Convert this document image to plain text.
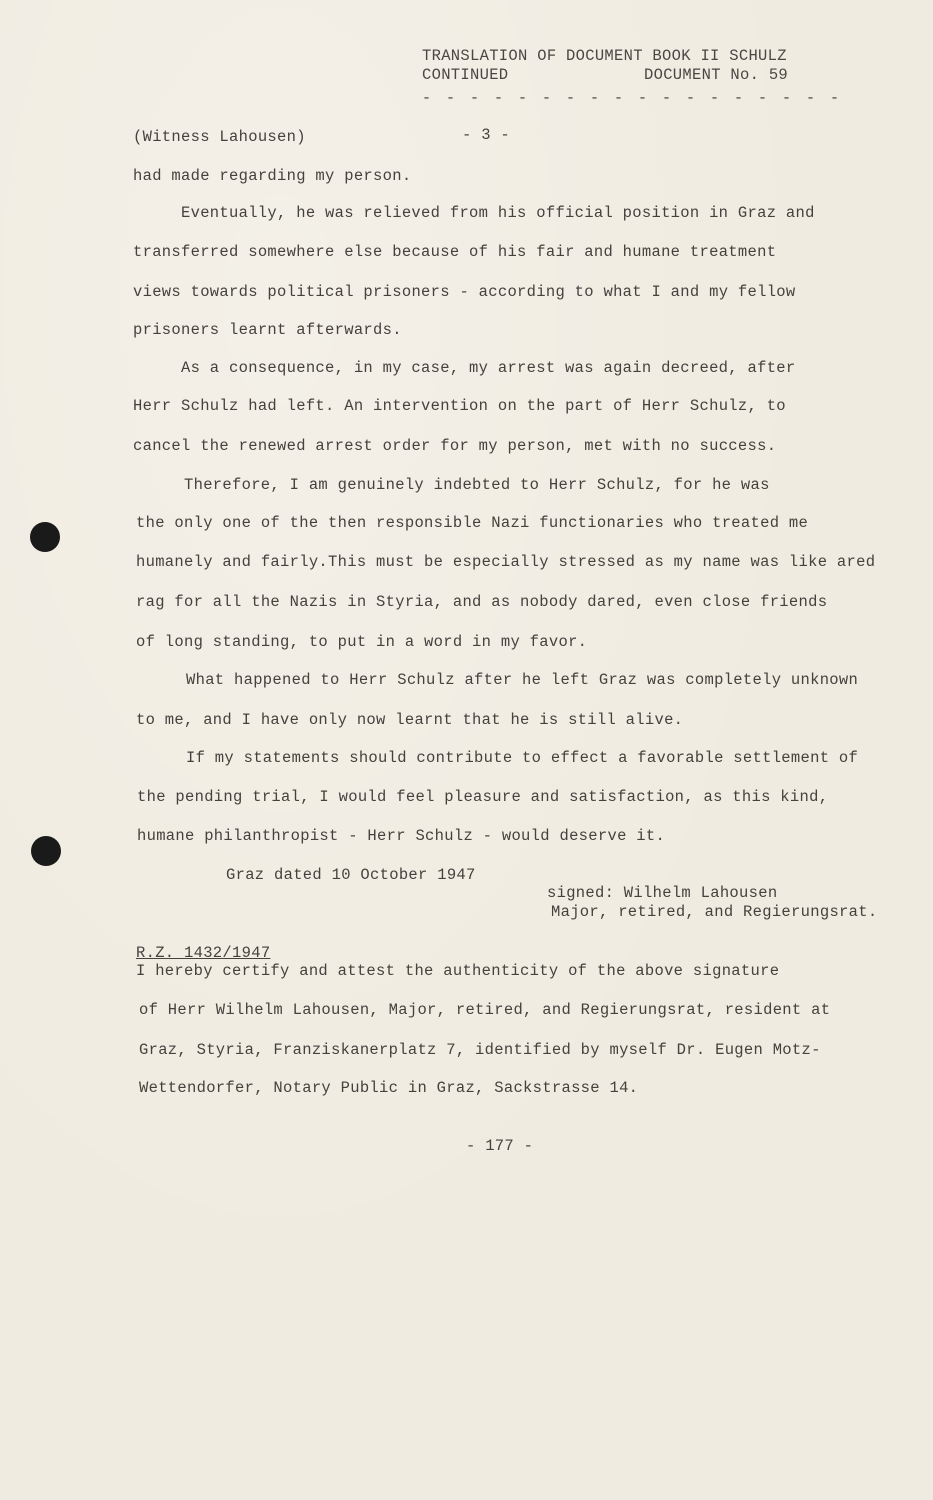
TRANSLATION OF DOCUMENT BOOK II SCHULZ
CONTINUED	DOCUMENT No. 59
- - - - - - - - - - - - - - - - - -
(Witness Lahousen)	- 3 -
had made regarding my person.
Eventually, he was relieved from his official position in Graz and
transferred somewhere else because of his fair and humane treatment
views towards political prisoners - according to what I and my fellow
prisoners learnt afterwards.
As a consequence, in my case, my arrest was again decreed, after
Herr Schulz had left. An intervention on the part of Herr Schulz, to
cancel the renewed arrest order for my person, met with no success.
Therefore, I am genuinely indebted to Herr Schulz, for he was
the only one of the then responsible Nazi functionaries who treated me
humanely and fairly.This must be especially stressed as my name was like ared
rag for all the Nazis in Styria, and as nobody dared, even close friends
of long standing, to put in a word in my favor.
What happened to Herr Schulz after he left Graz was completely unknown
to me, and I have only now learnt that he is still alive.
If my statements should contribute to effect a favorable settlement of
the pending trial, I would feel pleasure and satisfaction, as this kind,
humane philanthropist - Herr Schulz - would deserve it.
Graz dated 10 October 1947
signed: Wilhelm Lahousen
Major, retired, and Regierungsrat.
R.Z. 1432/1947
I hereby certify and attest the authenticity of the above signature
of Herr Wilhelm Lahousen, Major, retired, and Regierungsrat, resident at
Graz, Styria, Franziskanerplatz 7, identified by myself Dr. Eugen Motz-
Wettendorfer, Notary Public in Graz, Sackstrasse 14.
- 177 -
